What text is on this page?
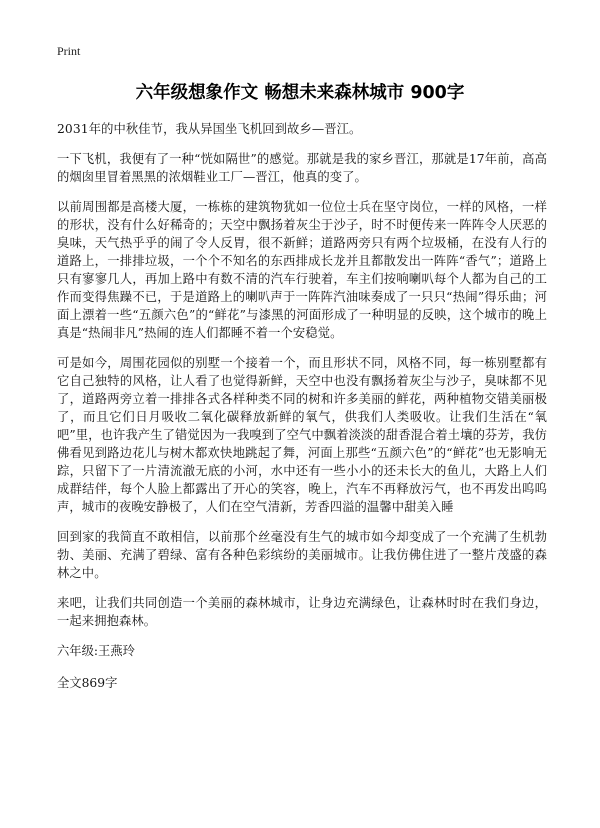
Print
六年级想象作文 畅想未来森林城市 900字

2031年的中秋佳节，我从异国坐飞机回到故乡—晋江。

一下飞机，我便有了一种“恍如隔世”的感觉。那就是我的家乡晋江，那就是17年前，高高的烟囱里冒着黑黑的浓烟鞋业工厂—晋江，他真的变了。

以前周围都是高楼大厦，一栋栋的建筑物犹如一位位士兵在坚守岗位，一样的风格，一样的形状，没有什么好稀奇的；天空中飘扬着灰尘于沙子，时不时便传来一阵阵令人厌恶的臭味，天气热乎乎的闹了令人反胃，很不新鲜；道路两旁只有两个垃圾桶，在没有人行的道路上，一排排垃圾，一个个不知名的东西排成长龙并且都散发出一阵阵“香气”；道路上只有寥寥几人，再加上路中有数不清的汽车行驶着，车主们按响喇叭每个人都为自己的工作而变得焦躁不已，于是道路上的喇叭声于一阵阵汽油味奏成了一只只“热闹”得乐曲；河面上漂着一些“五颜六色”的“鲜花”与漆黑的河面形成了一种明显的反映，这个城市的晚上真是“热闹非凡”热闹的连人们都睡不着一个安稳觉。

可是如今，周围花园似的别墅一个接着一个，而且形状不同，风格不同，每一栋别墅都有它自己独特的风格，让人看了也觉得新鲜，天空中也没有飘扬着灰尘与沙子，臭味都不见了，道路两旁立着一排排各式各样种类不同的树和许多美丽的鲜花，两种植物交错美丽极了，而且它们日月吸收二氧化碳释放新鲜的氧气，供我们人类吸收。让我们生活在“氧吧”里，也许我产生了错觉因为一我嗅到了空气中飘着淡淡的甜香混合着土壤的芬芳，我仿佛看见到路边花儿与树木都欢快地跳起了舞，河面上那些“五颜六色”的“鲜花”也无影响无踪，只留下了一片清流澈无底的小河，水中还有一些小小的还未长大的鱼儿，大路上人们成群结伴，每个人脸上都露出了开心的笑容，晚上，汽车不再释放污气，也不再发出呜呜声，城市的夜晚安静极了，人们在空气清新，芳香四溢的温馨中甜美入睡

回到家的我简直不敢相信，以前那个丝毫没有生气的城市如今却变成了一个充满了生机勃勃、美丽、充满了碧绿、富有各种色彩缤纷的美丽城市。让我仿佛住进了一整片茂盛的森林之中。

来吧，让我们共同创造一个美丽的森林城市，让身边充满绿色，让森林时时在我们身边，一起来拥抱森林。

六年级:王燕玲

全文869字
